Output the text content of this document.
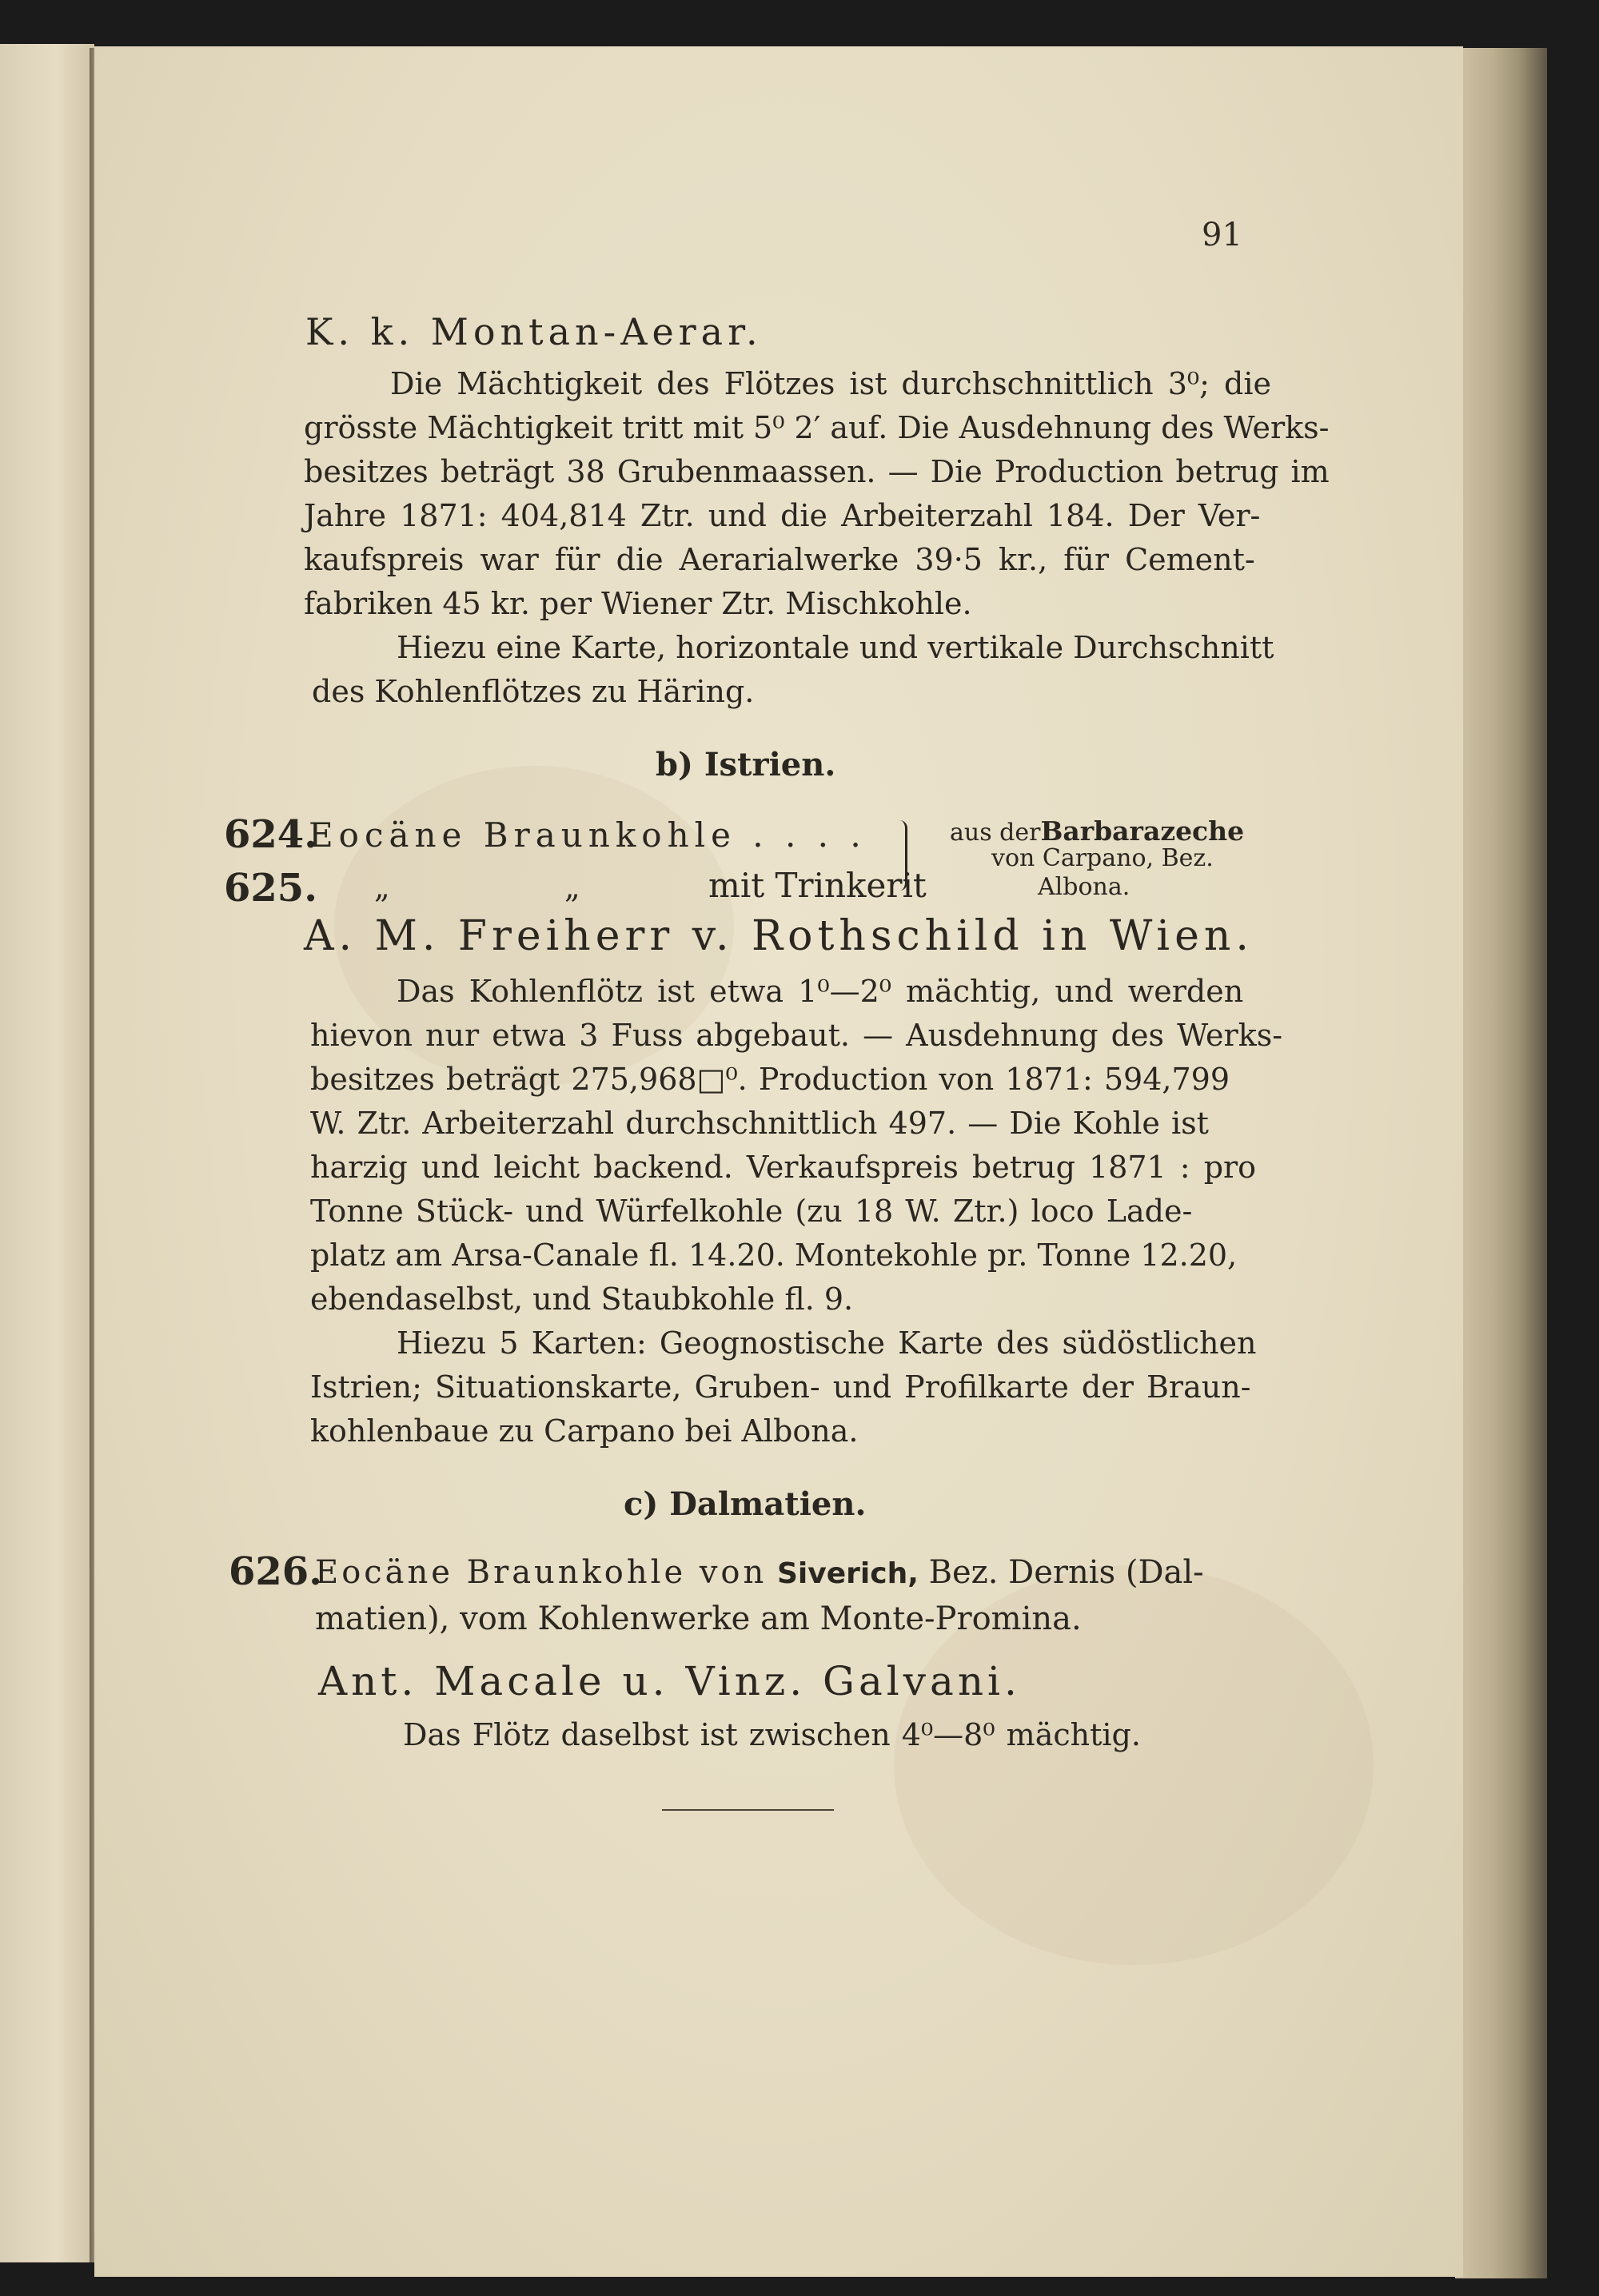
91
K. k. Montan-Aerar.
Die Mächtigkeit des Flötzes ist durchschnittlich 3⁰; die
grösste Mächtigkeit tritt mit 5⁰ 2′ auf. Die Ausdehnung des Werks-
besitzes beträgt 38 Grubenmaassen. — Die Production betrug im
Jahre 1871: 404,814 Ztr. und die Arbeiterzahl 184. Der Ver-
kaufspreis war für die Aerarialwerke 39·5 kr., für Cement-
fabriken 45 kr. per Wiener Ztr. Mischkohle.
Hiezu eine Karte, horizontale und vertikale Durchschnitt
des Kohlenflötzes zu Häring.
b) Istrien.
624.
Eocäne Braunkohle . . . .
625. „	„	mit Trinkerit
aus derBarbarazeche
von Carpano, Bez.
Albona.
A. M. Freiherr v. Rothschild in Wien.
Das Kohlenflötz ist etwa 1⁰—2⁰ mächtig, und werden
hievon nur etwa 3 Fuss abgebaut. — Ausdehnung des Werks-
besitzes beträgt 275,968□⁰. Production von 1871: 594,799
W. Ztr. Arbeiterzahl durchschnittlich 497. — Die Kohle ist
harzig und leicht backend. Verkaufspreis betrug 1871 : pro
Tonne Stück- und Würfelkohle (zu 18 W. Ztr.) loco Lade-
platz am Arsa-Canale fl. 14.20. Montekohle pr. Tonne 12.20,
ebendaselbst, und Staubkohle fl. 9.
Hiezu 5 Karten: Geognostische Karte des südöstlichen
Istrien; Situationskarte, Gruben- und Profilkarte der Braun-
kohlenbaue zu Carpano bei Albona.
c) Dalmatien.
626.
Eocäne Braunkohle von Siverich, Bez. Dernis (Dal-
matien), vom Kohlenwerke am Monte-Promina.
Ant. Macale u. Vinz. Galvani.
Das Flötz daselbst ist zwischen 4⁰—8⁰ mächtig.
